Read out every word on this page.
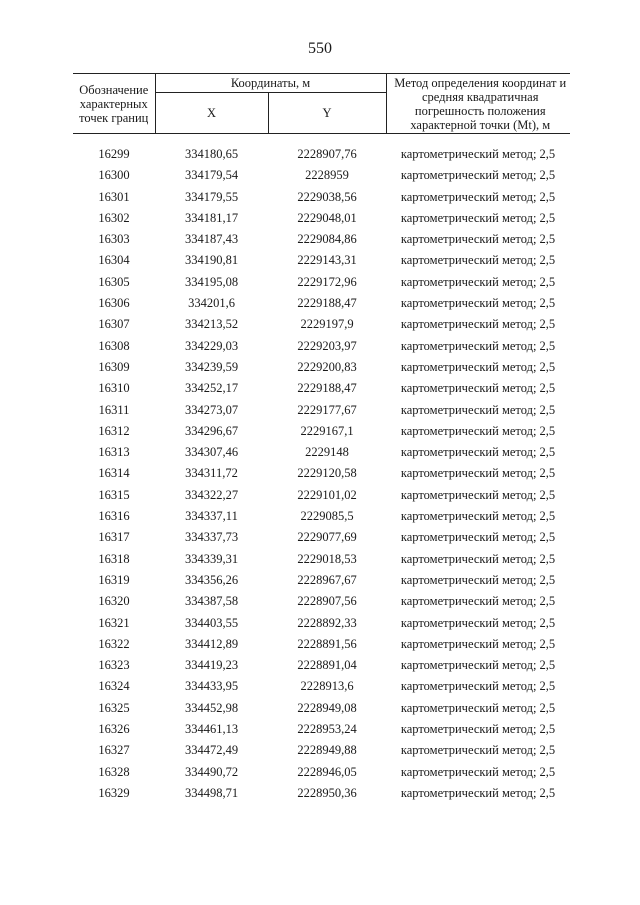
550
Обозначение характерных точек границ	Координаты, м		Метод определения координат и средняя квадратичная погрешность положения характерной точки (Mt), м
	X	Y	

16299	334180,65	2228907,76	картометрический метод; 2,5
16300	334179,54	2228959	картометрический метод; 2,5
16301	334179,55	2229038,56	картометрический метод; 2,5
16302	334181,17	2229048,01	картометрический метод; 2,5
16303	334187,43	2229084,86	картометрический метод; 2,5
16304	334190,81	2229143,31	картометрический метод; 2,5
16305	334195,08	2229172,96	картометрический метод; 2,5
16306	334201,6	2229188,47	картометрический метод; 2,5
16307	334213,52	2229197,9	картометрический метод; 2,5
16308	334229,03	2229203,97	картометрический метод; 2,5
16309	334239,59	2229200,83	картометрический метод; 2,5
16310	334252,17	2229188,47	картометрический метод; 2,5
16311	334273,07	2229177,67	картометрический метод; 2,5
16312	334296,67	2229167,1	картометрический метод; 2,5
16313	334307,46	2229148	картометрический метод; 2,5
16314	334311,72	2229120,58	картометрический метод; 2,5
16315	334322,27	2229101,02	картометрический метод; 2,5
16316	334337,11	2229085,5	картометрический метод; 2,5
16317	334337,73	2229077,69	картометрический метод; 2,5
16318	334339,31	2229018,53	картометрический метод; 2,5
16319	334356,26	2228967,67	картометрический метод; 2,5
16320	334387,58	2228907,56	картометрический метод; 2,5
16321	334403,55	2228892,33	картометрический метод; 2,5
16322	334412,89	2228891,56	картометрический метод; 2,5
16323	334419,23	2228891,04	картометрический метод; 2,5
16324	334433,95	2228913,6	картометрический метод; 2,5
16325	334452,98	2228949,08	картометрический метод; 2,5
16326	334461,13	2228953,24	картометрический метод; 2,5
16327	334472,49	2228949,88	картометрический метод; 2,5
16328	334490,72	2228946,05	картометрический метод; 2,5
16329	334498,71	2228950,36	картометрический метод; 2,5
